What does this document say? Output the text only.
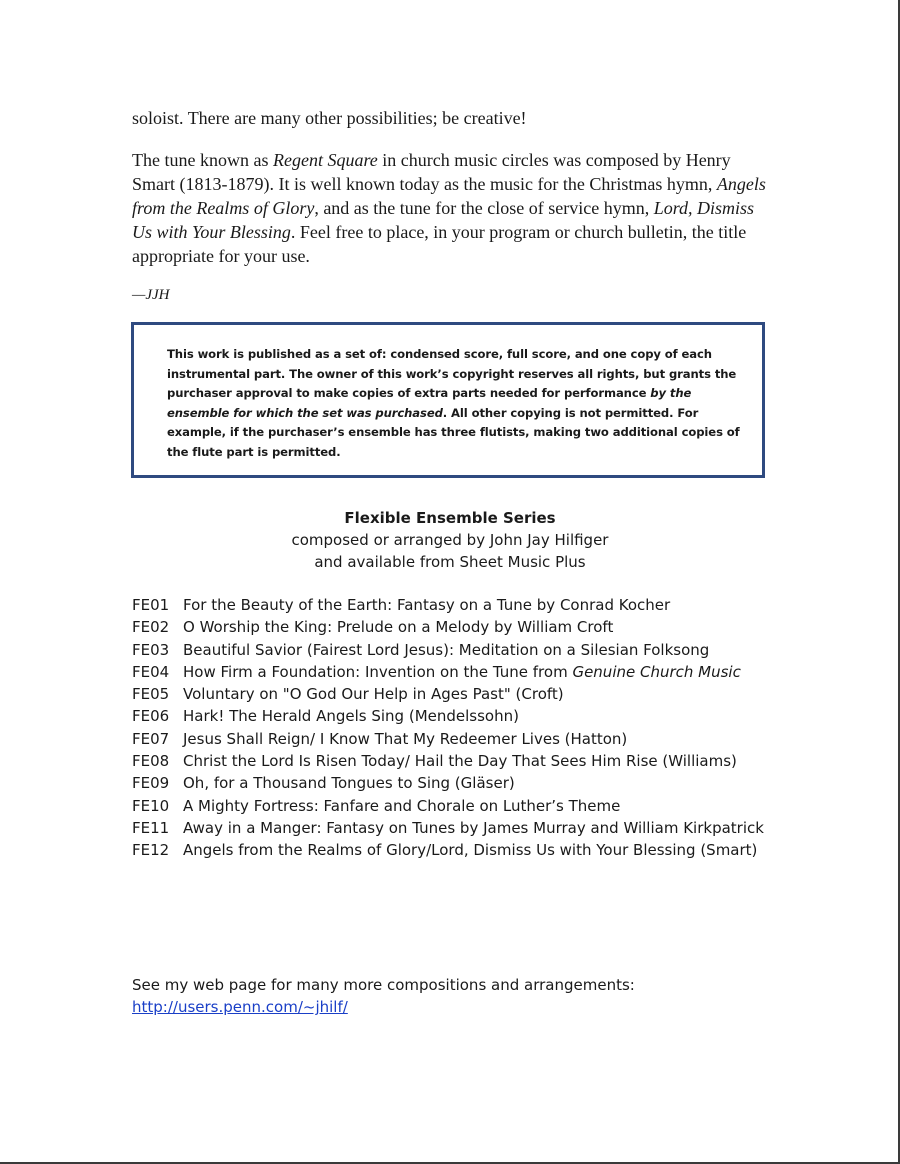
soloist. There are many other possibilities; be creative!

The tune known as Regent Square in church music circles was composed by Henry Smart (1813-1879). It is well known today as the music for the Christmas hymn, Angels from the Realms of Glory, and as the tune for the close of service hymn, Lord, Dismiss Us with Your Blessing. Feel free to place, in your program or church bulletin, the title appropriate for your use.

—JJH

This work is published as a set of: condensed score, full score, and one copy of each instrumental part. The owner of this work’s copyright reserves all rights, but grants the purchaser approval to make copies of extra parts needed for performance by the ensemble for which the set was purchased. All other copying is not permitted. For example, if the purchaser’s ensemble has three flutists, making two additional copies of the flute part is permitted.
Flexible Ensemble Series
composed or arranged by John Jay Hilfiger
and available from Sheet Music Plus
FE01 For the Beauty of the Earth: Fantasy on a Tune by Conrad Kocher
FE02 O Worship the King: Prelude on a Melody by William Croft
FE03 Beautiful Savior (Fairest Lord Jesus): Meditation on a Silesian Folksong
FE04 How Firm a Foundation: Invention on the Tune from Genuine Church Music
FE05 Voluntary on "O God Our Help in Ages Past" (Croft)
FE06 Hark! The Herald Angels Sing (Mendelssohn)
FE07 Jesus Shall Reign/ I Know That My Redeemer Lives (Hatton)
FE08 Christ the Lord Is Risen Today/ Hail the Day That Sees Him Rise (Williams)
FE09 Oh, for a Thousand Tongues to Sing (Gläser)
FE10 A Mighty Fortress: Fanfare and Chorale on Luther’s Theme
FE11 Away in a Manger: Fantasy on Tunes by James Murray and William Kirkpatrick
FE12 Angels from the Realms of Glory/Lord, Dismiss Us with Your Blessing (Smart)
See my web page for many more compositions and arrangements:
http://users.penn.com/~jhilf/
